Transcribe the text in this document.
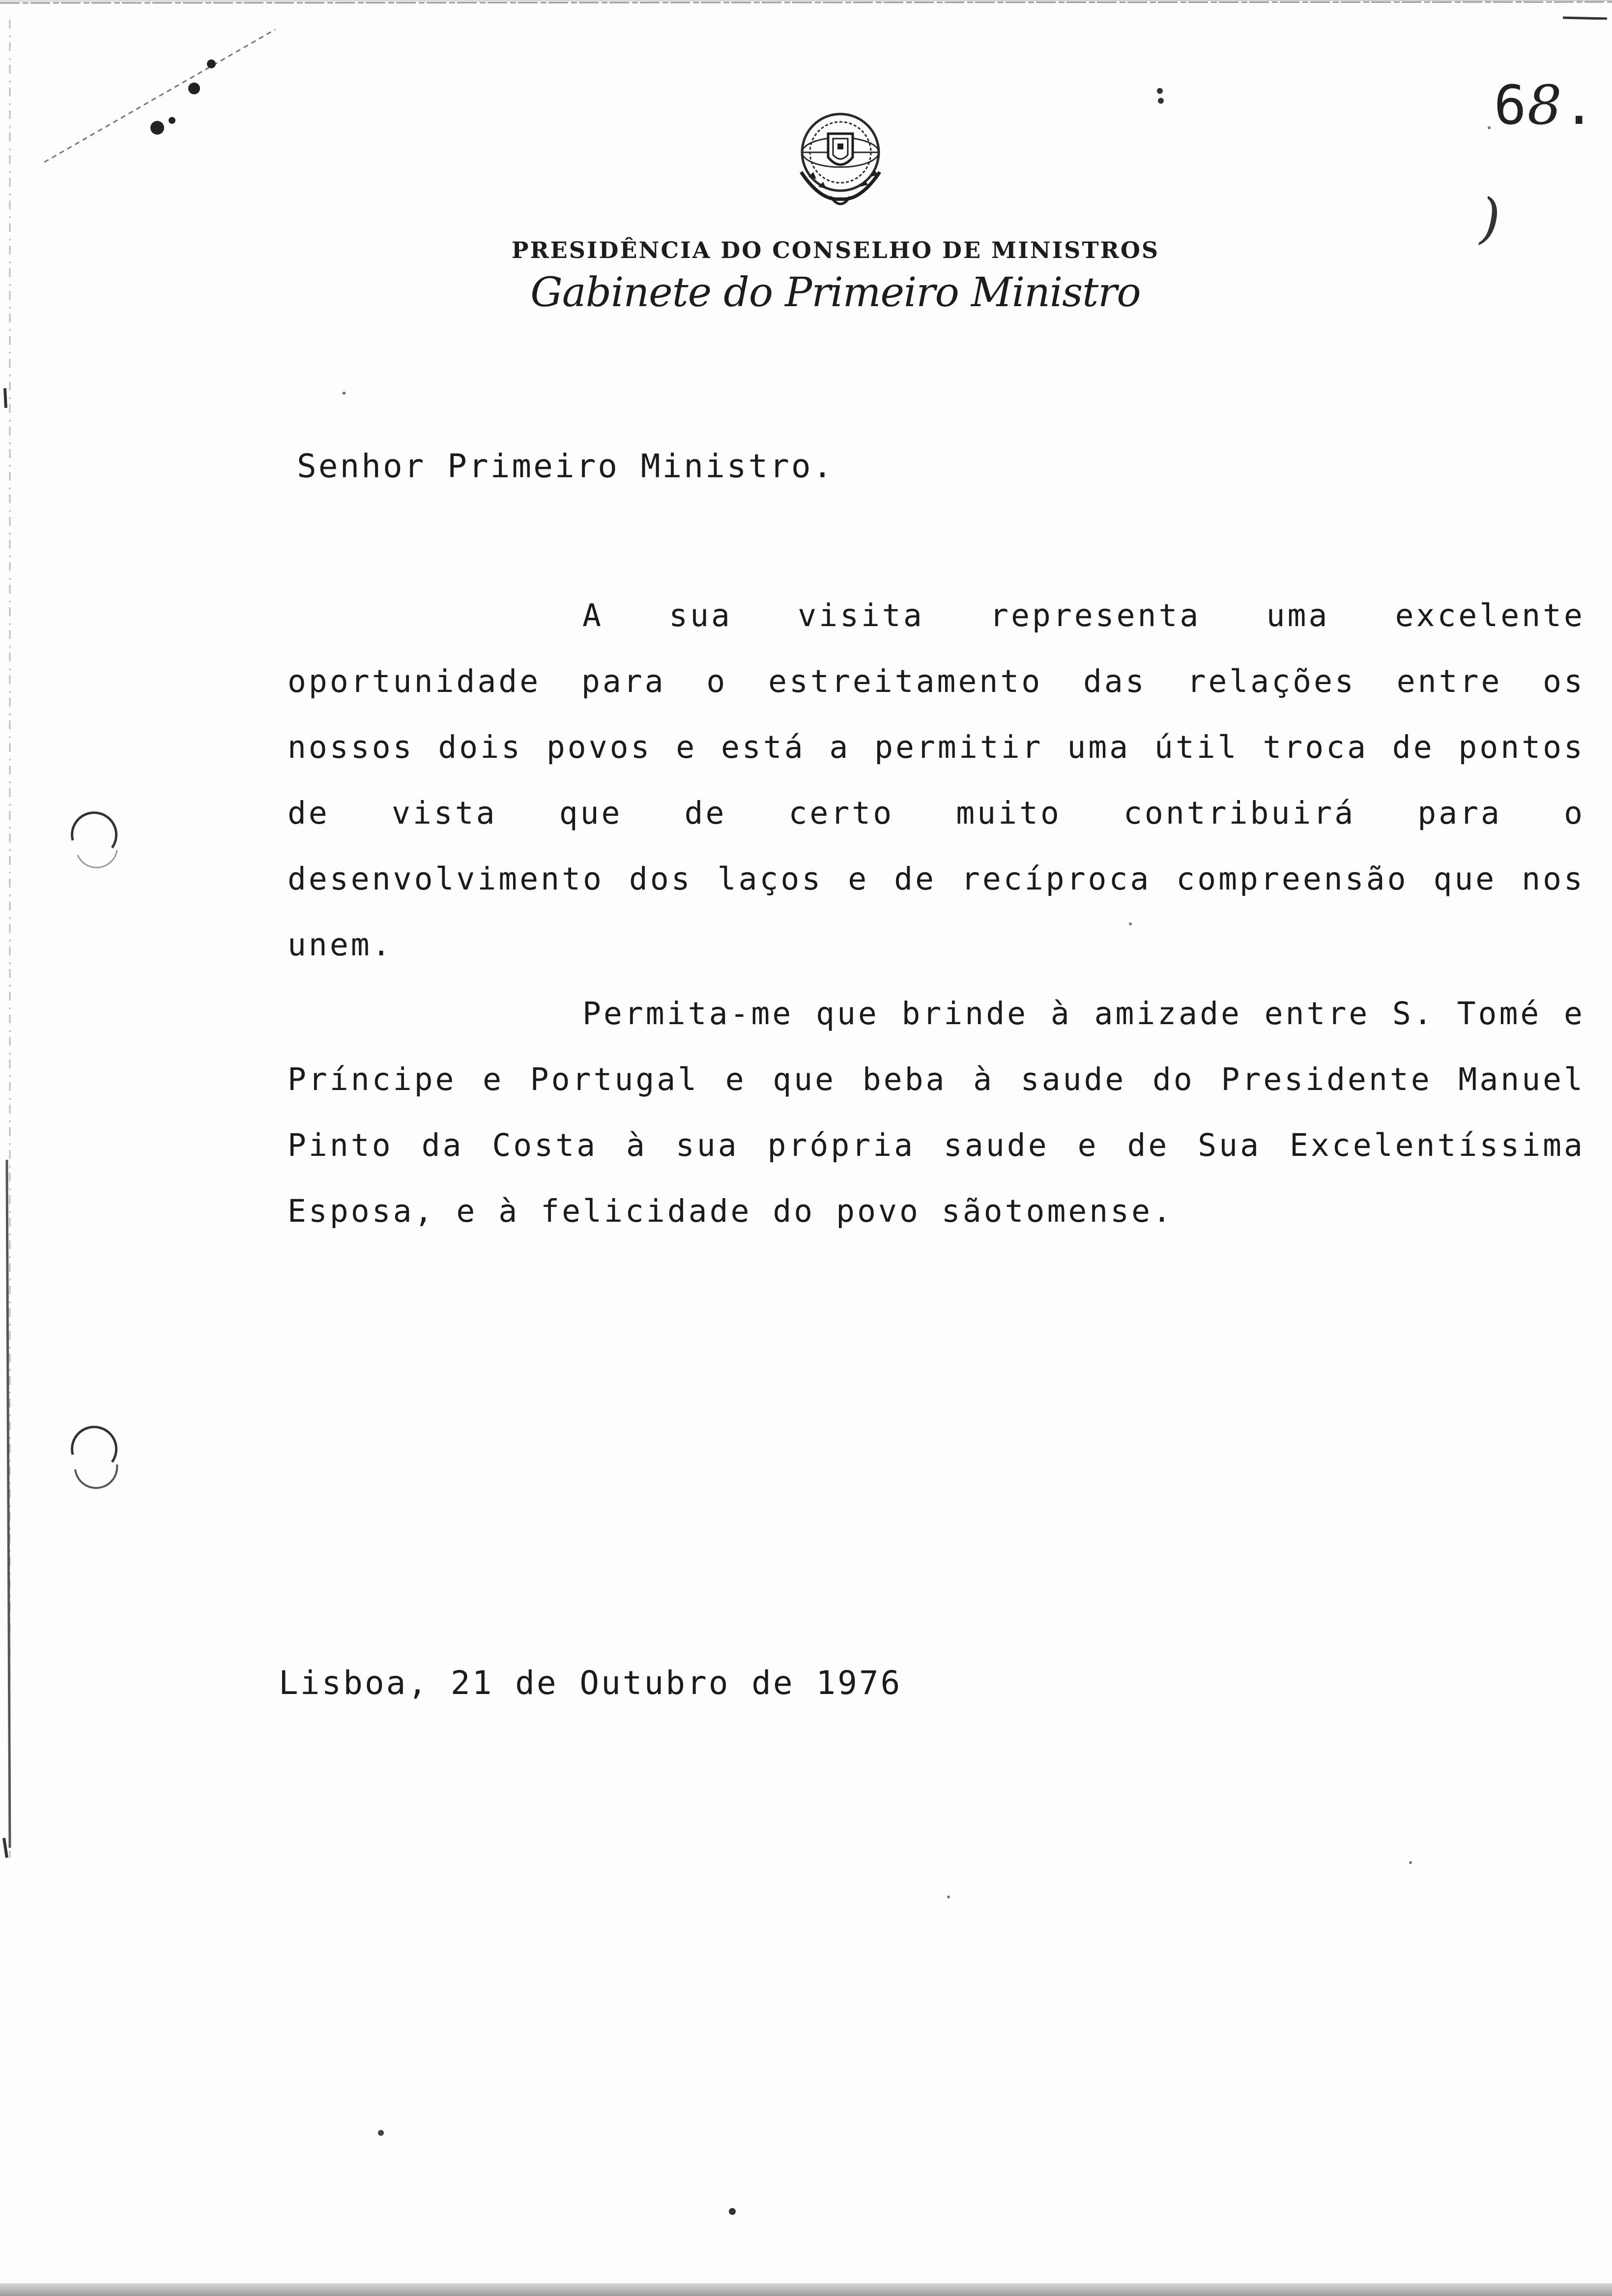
68.
)
PRESIDÊNCIA DO CONSELHO DE MINISTROS
Gabinete do Primeiro Ministro
Senhor Primeiro Ministro.
A sua visita representa uma excelente oportunidade para o estreitamento das relações entre os nossos dois povos e está a permitir uma útil troca de pontos de vista que de certo muito contribuirá para o desenvolvimento dos laços e de recíproca compreensão que nos unem.
Permita-me que brinde à amizade entre S. Tomé e Príncipe e Portugal e que beba à saude do Presidente Manuel Pinto da Costa à sua própria saude e de Sua Excelentíssima Esposa, e à felicidade do povo sãotomense.
Lisboa, 21 de Outubro de 1976
